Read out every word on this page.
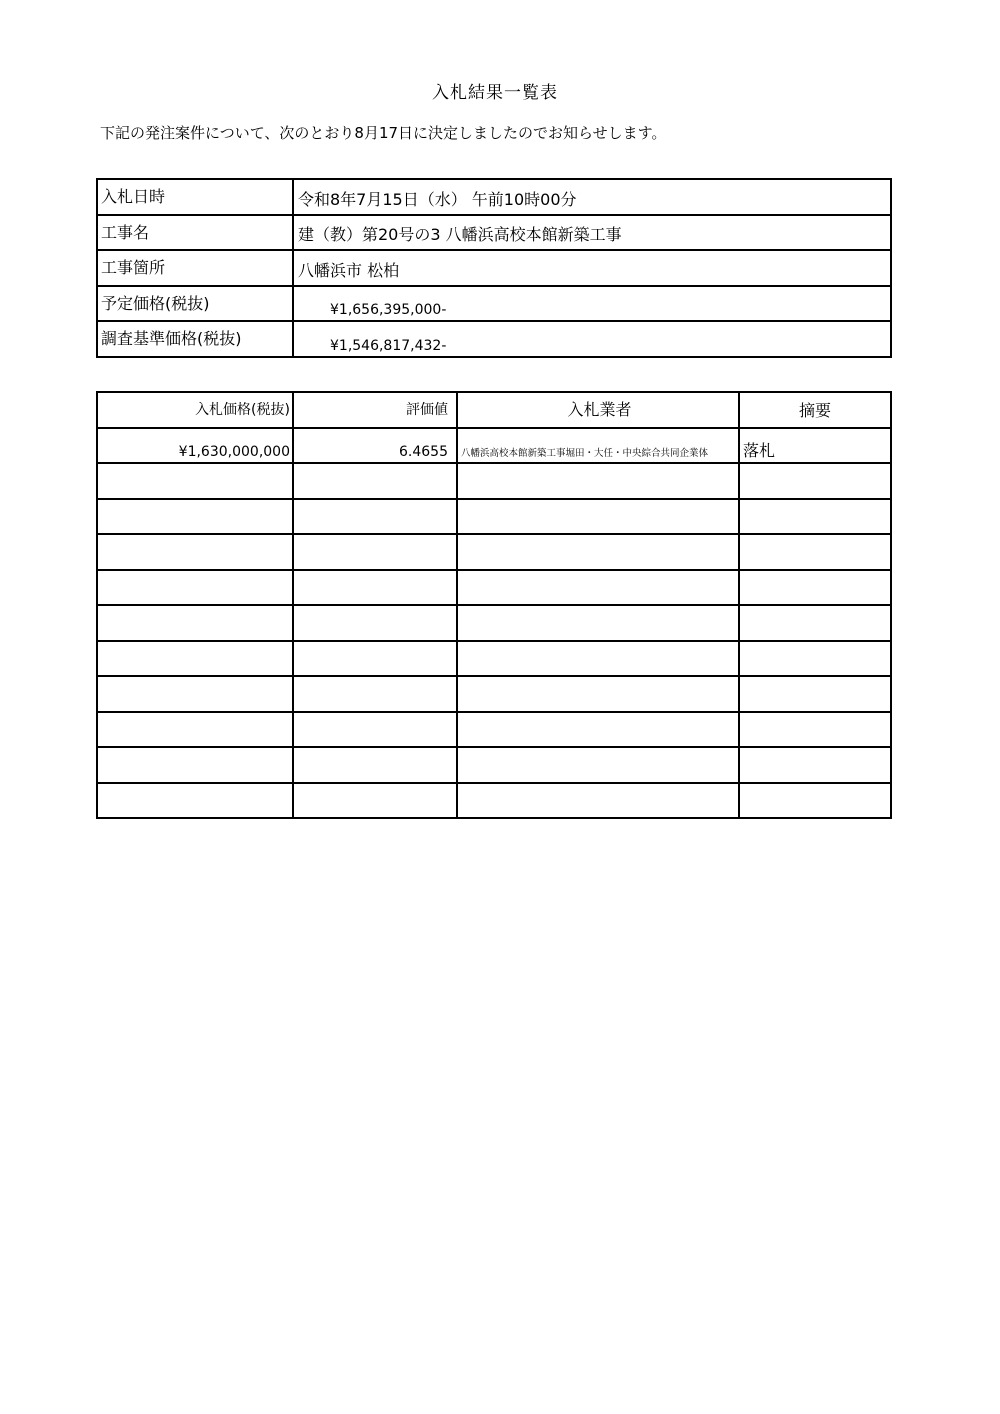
入札結果一覧表
下記の発注案件について、次のとおり8月17日に決定しましたのでお知らせします。
入札日時	令和8年7月15日（水） 午前10時00分
工事名	建（教）第20号の3 八幡浜高校本館新築工事
工事箇所	八幡浜市 松柏
予定価格(税抜)	¥1,656,395,000-
調査基準価格(税抜)	¥1,546,817,432-
入札価格(税抜)	評価値	入札業者	摘要
¥1,630,000,000	6.4655	八幡浜高校本館新築工事堀田・大任・中央綜合共同企業体	落札
